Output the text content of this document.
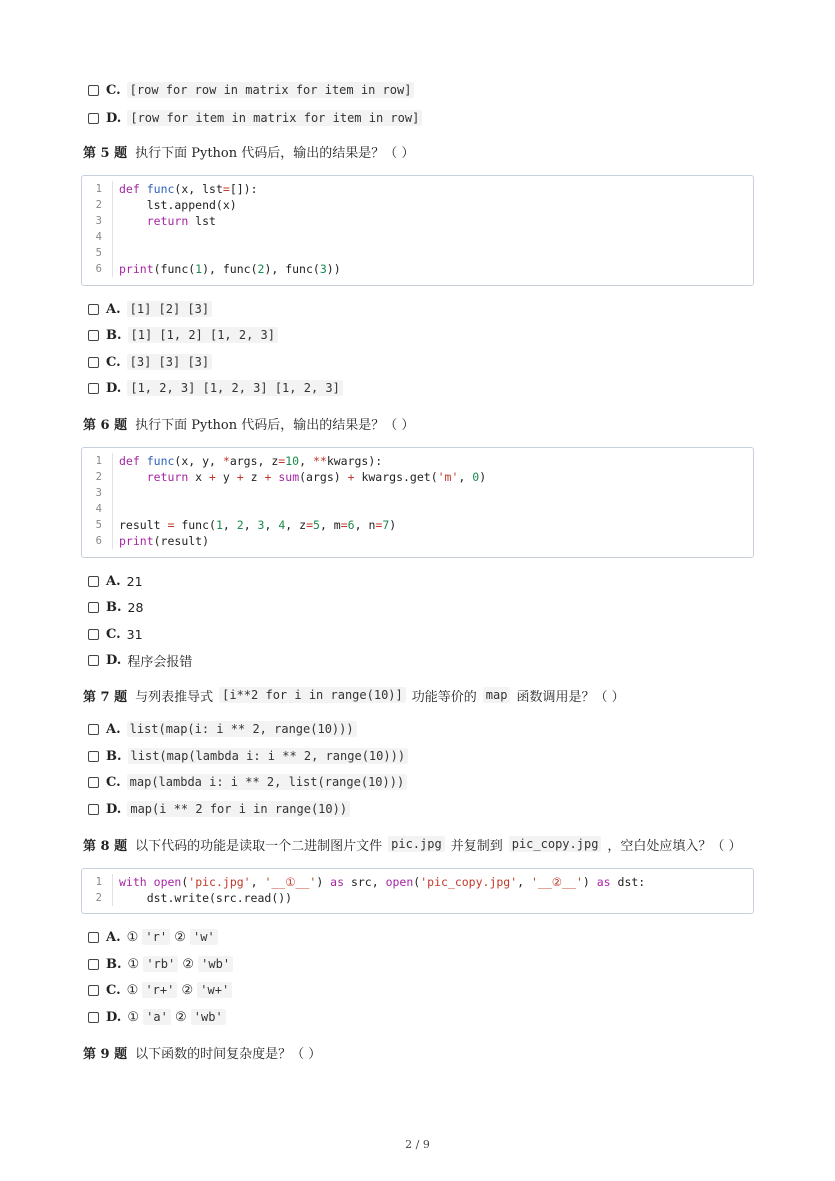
C. [row for row in matrix for item in row]
D. [row for item in matrix for item in row]
第 5 题 执行下面 Python 代码后，输出的结果是？（ ）
1	def func(x, lst=[]):
2	lst.append(x)
3	return lst
4
5
6	print(func(1), func(2), func(3))
A. [1] [2] [3]
B. [1] [1, 2] [1, 2, 3]
C. [3] [3] [3]
D. [1, 2, 3] [1, 2, 3] [1, 2, 3]
第 6 题 执行下面 Python 代码后，输出的结果是？（ ）
1	def func(x, y, *args, z=10, **kwargs):
2	return x + y + z + sum(args) + kwargs.get('m', 0)
3
4
5	result = func(1, 2, 3, 4, z=5, m=6, n=7)
6	print(result)
A. 21
B. 28
C. 31
D. 程序会报错
第 7 题 与列表推导式 [i**2 for i in range(10)] 功能等价的 map 函数调用是？（ ）
A. list(map(i: i ** 2, range(10)))
B. list(map(lambda i: i ** 2, range(10)))
C. map(lambda i: i ** 2, list(range(10)))
D. map(i ** 2 for i in range(10))
第 8 题 以下代码的功能是读取一个二进制图片文件 pic.jpg 并复制到 pic_copy.jpg ，空白处应填入？（ ）
1	with open('pic.jpg', '__①__') as src, open('pic_copy.jpg', '__②__') as dst:
2	dst.write(src.read())
A. ①
'r'
②
'w'
B. ①
'rb'
②
'wb'
C. ①
'r+'
②
'w+'
D. ①
'a'
②
'wb'
第 9 题 以下函数的时间复杂度是？（ ）
2 / 9
